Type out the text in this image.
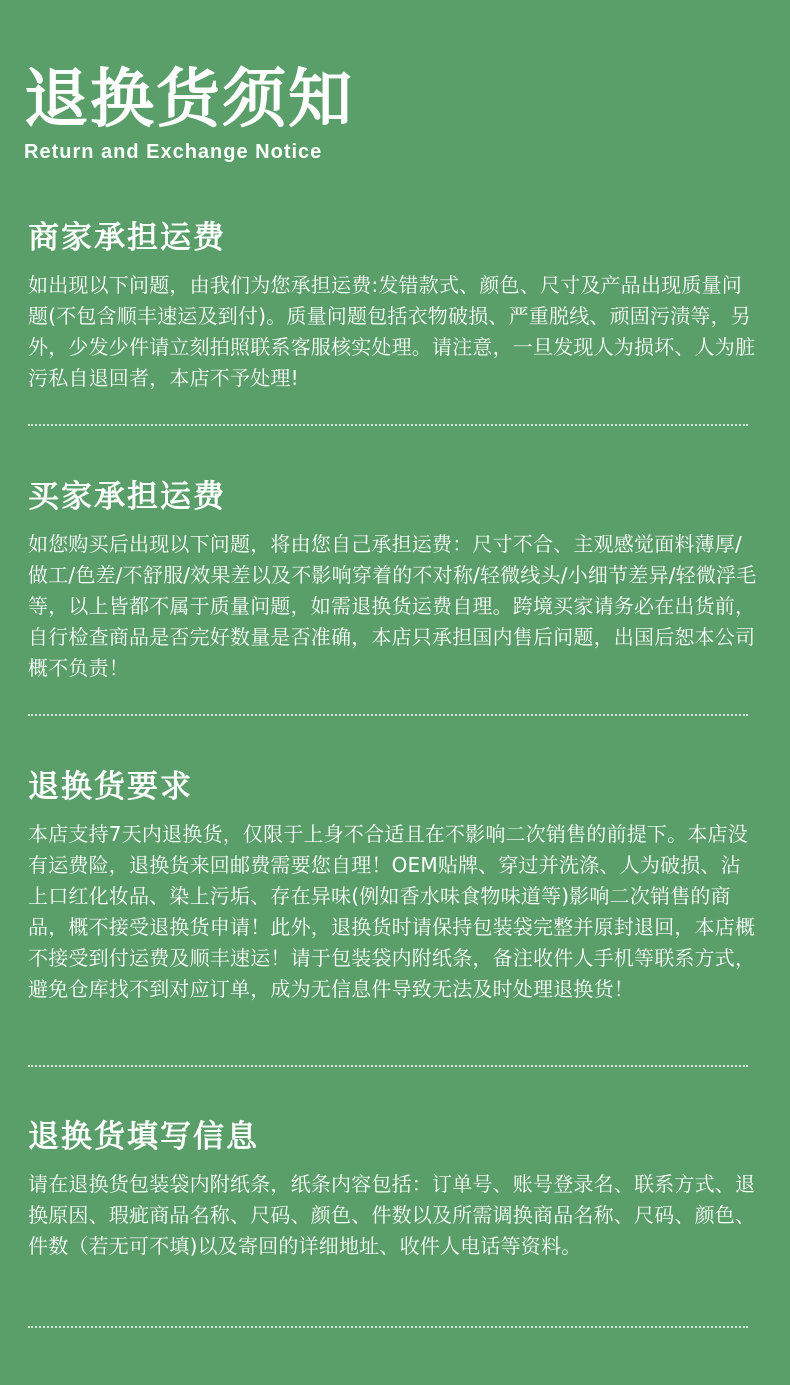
退换货须知
Return and Exchange Notice
商家承担运费

如出现以下问题，由我们为您承担运费:发错款式、颜色、尺寸及产品出现质量问题(不包含顺丰速运及到付)。质量问题包括衣物破损、严重脱线、顽固污渍等，另外，少发少件请立刻拍照联系客服核实处理。请注意，一旦发现人为损坏、人为脏污私自退回者，本店不予处理!

买家承担运费

如您购买后出现以下问题，将由您自己承担运费：尺寸不合、主观感觉面料薄厚/做工/色差/不舒服/效果差以及不影响穿着的不对称/轻微线头/小细节差异/轻微浮毛等，以上皆都不属于质量问题，如需退换货运费自理。跨境买家请务必在出货前，自行检查商品是否完好数量是否准确，本店只承担国内售后问题，出国后恕本公司概不负责！

退换货要求

本店支持7天内退换货，仅限于上身不合适且在不影响二次销售的前提下。本店没有运费险，退换货来回邮费需要您自理！OEM贴牌、穿过并洗涤、人为破损、沾上口红化妆品、染上污垢、存在异味(例如香水味食物味道等)影响二次销售的商品，概不接受退换货申请！此外，退换货时请保持包装袋完整并原封退回，本店概不接受到付运费及顺丰速运！请于包装袋内附纸条，备注收件人手机等联系方式，避免仓库找不到对应订单，成为无信息件导致无法及时处理退换货！

退换货填写信息

请在退换货包装袋内附纸条，纸条内容包括：订单号、账号登录名、联系方式、退换原因、瑕疵商品名称、尺码、颜色、件数以及所需调换商品名称、尺码、颜色、件数（若无可不填)以及寄回的详细地址、收件人电话等资料。
